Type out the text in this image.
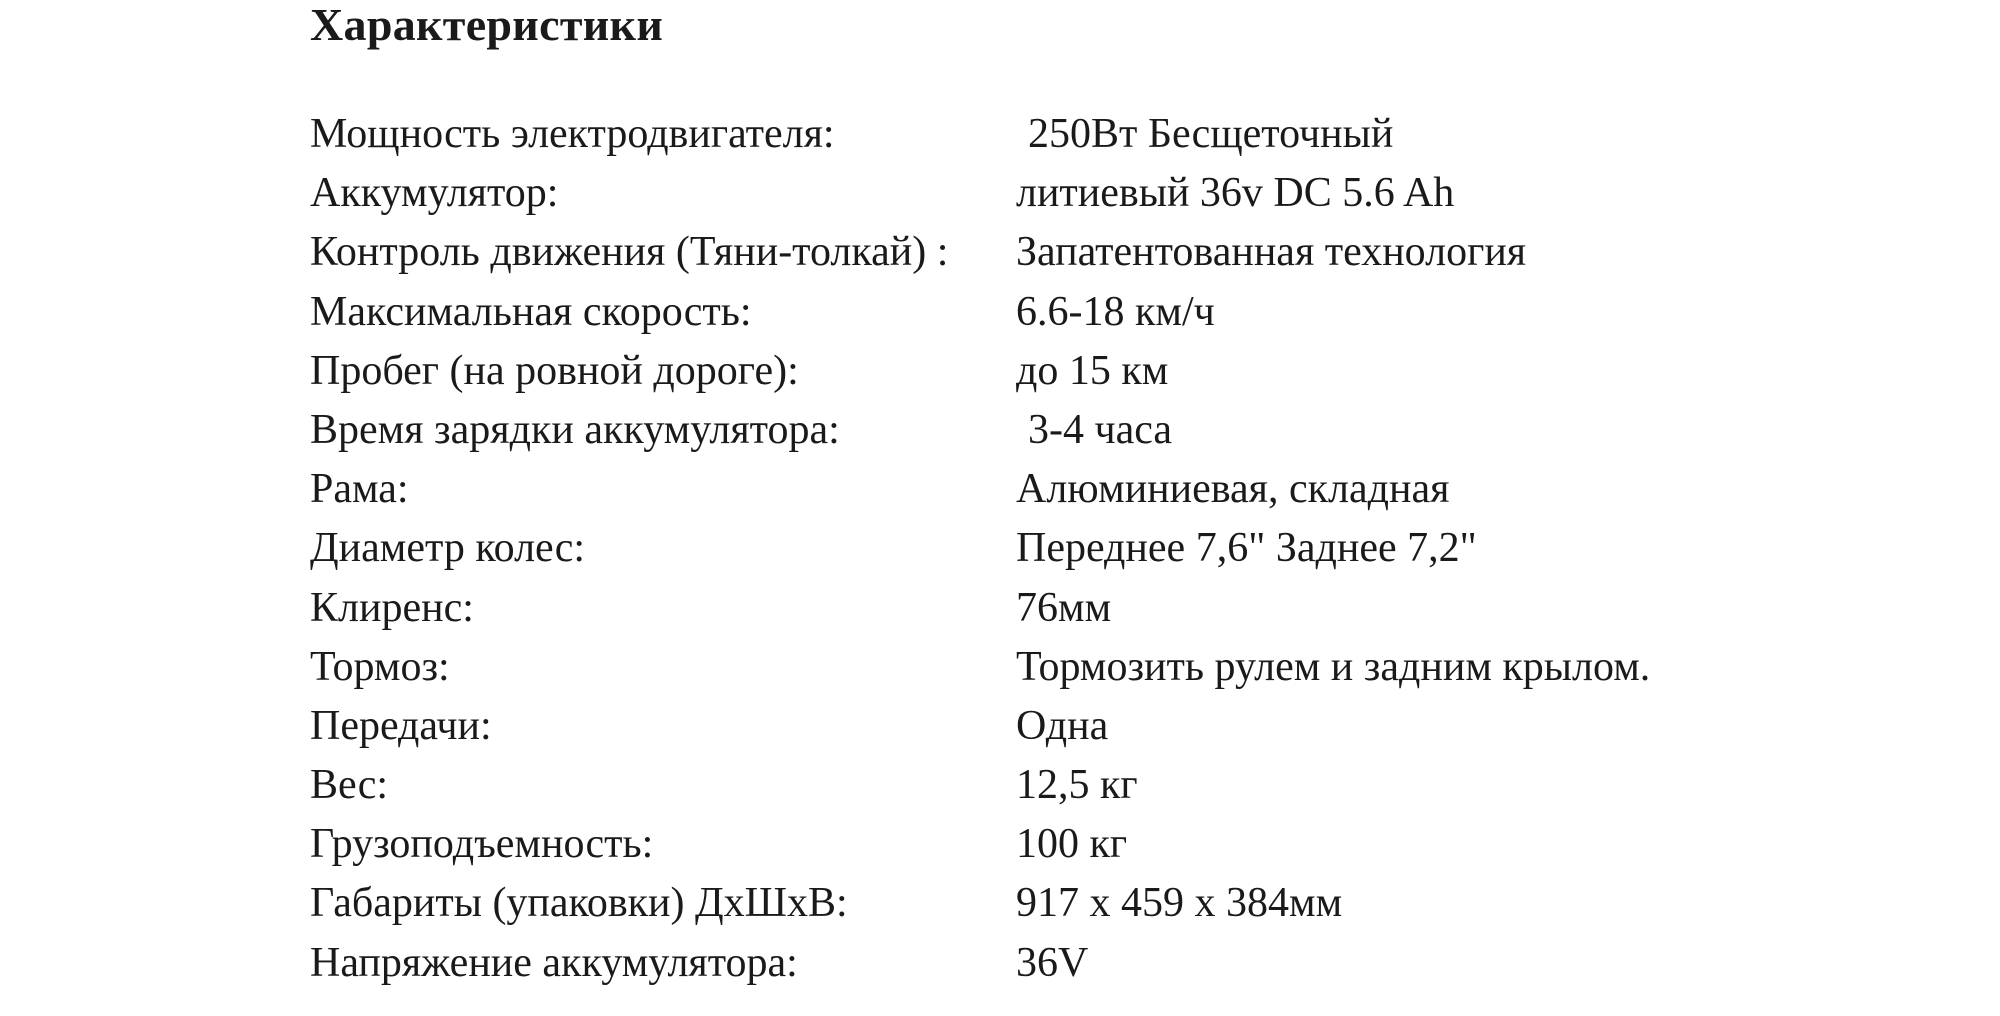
Характеристики
Мощность электродвигателя:	250Вт Бесщеточный
Аккумулятор:	литиевый 36v DC 5.6 Ah
Контроль движения (Тяни-толкай) : Запатентованная технология
Максимальная скорость:	6.6-18 км/ч
Пробег (на ровной дороге):	до 15 км
Время зарядки аккумулятора:	3-4 часа
Рама:	Алюминиевая, складная
Диаметр колес:	Переднее 7,6" Заднее 7,2"
Клиренс:	76мм
Тормоз:	Тормозить рулем и задним крылом.
Передачи:	Одна
Вес:	12,5 кг
Грузоподъемность:	100 кг
Габариты (упаковки) ДхШхВ:	917 x 459 x 384мм
Напряжение аккумулятора:	36V
